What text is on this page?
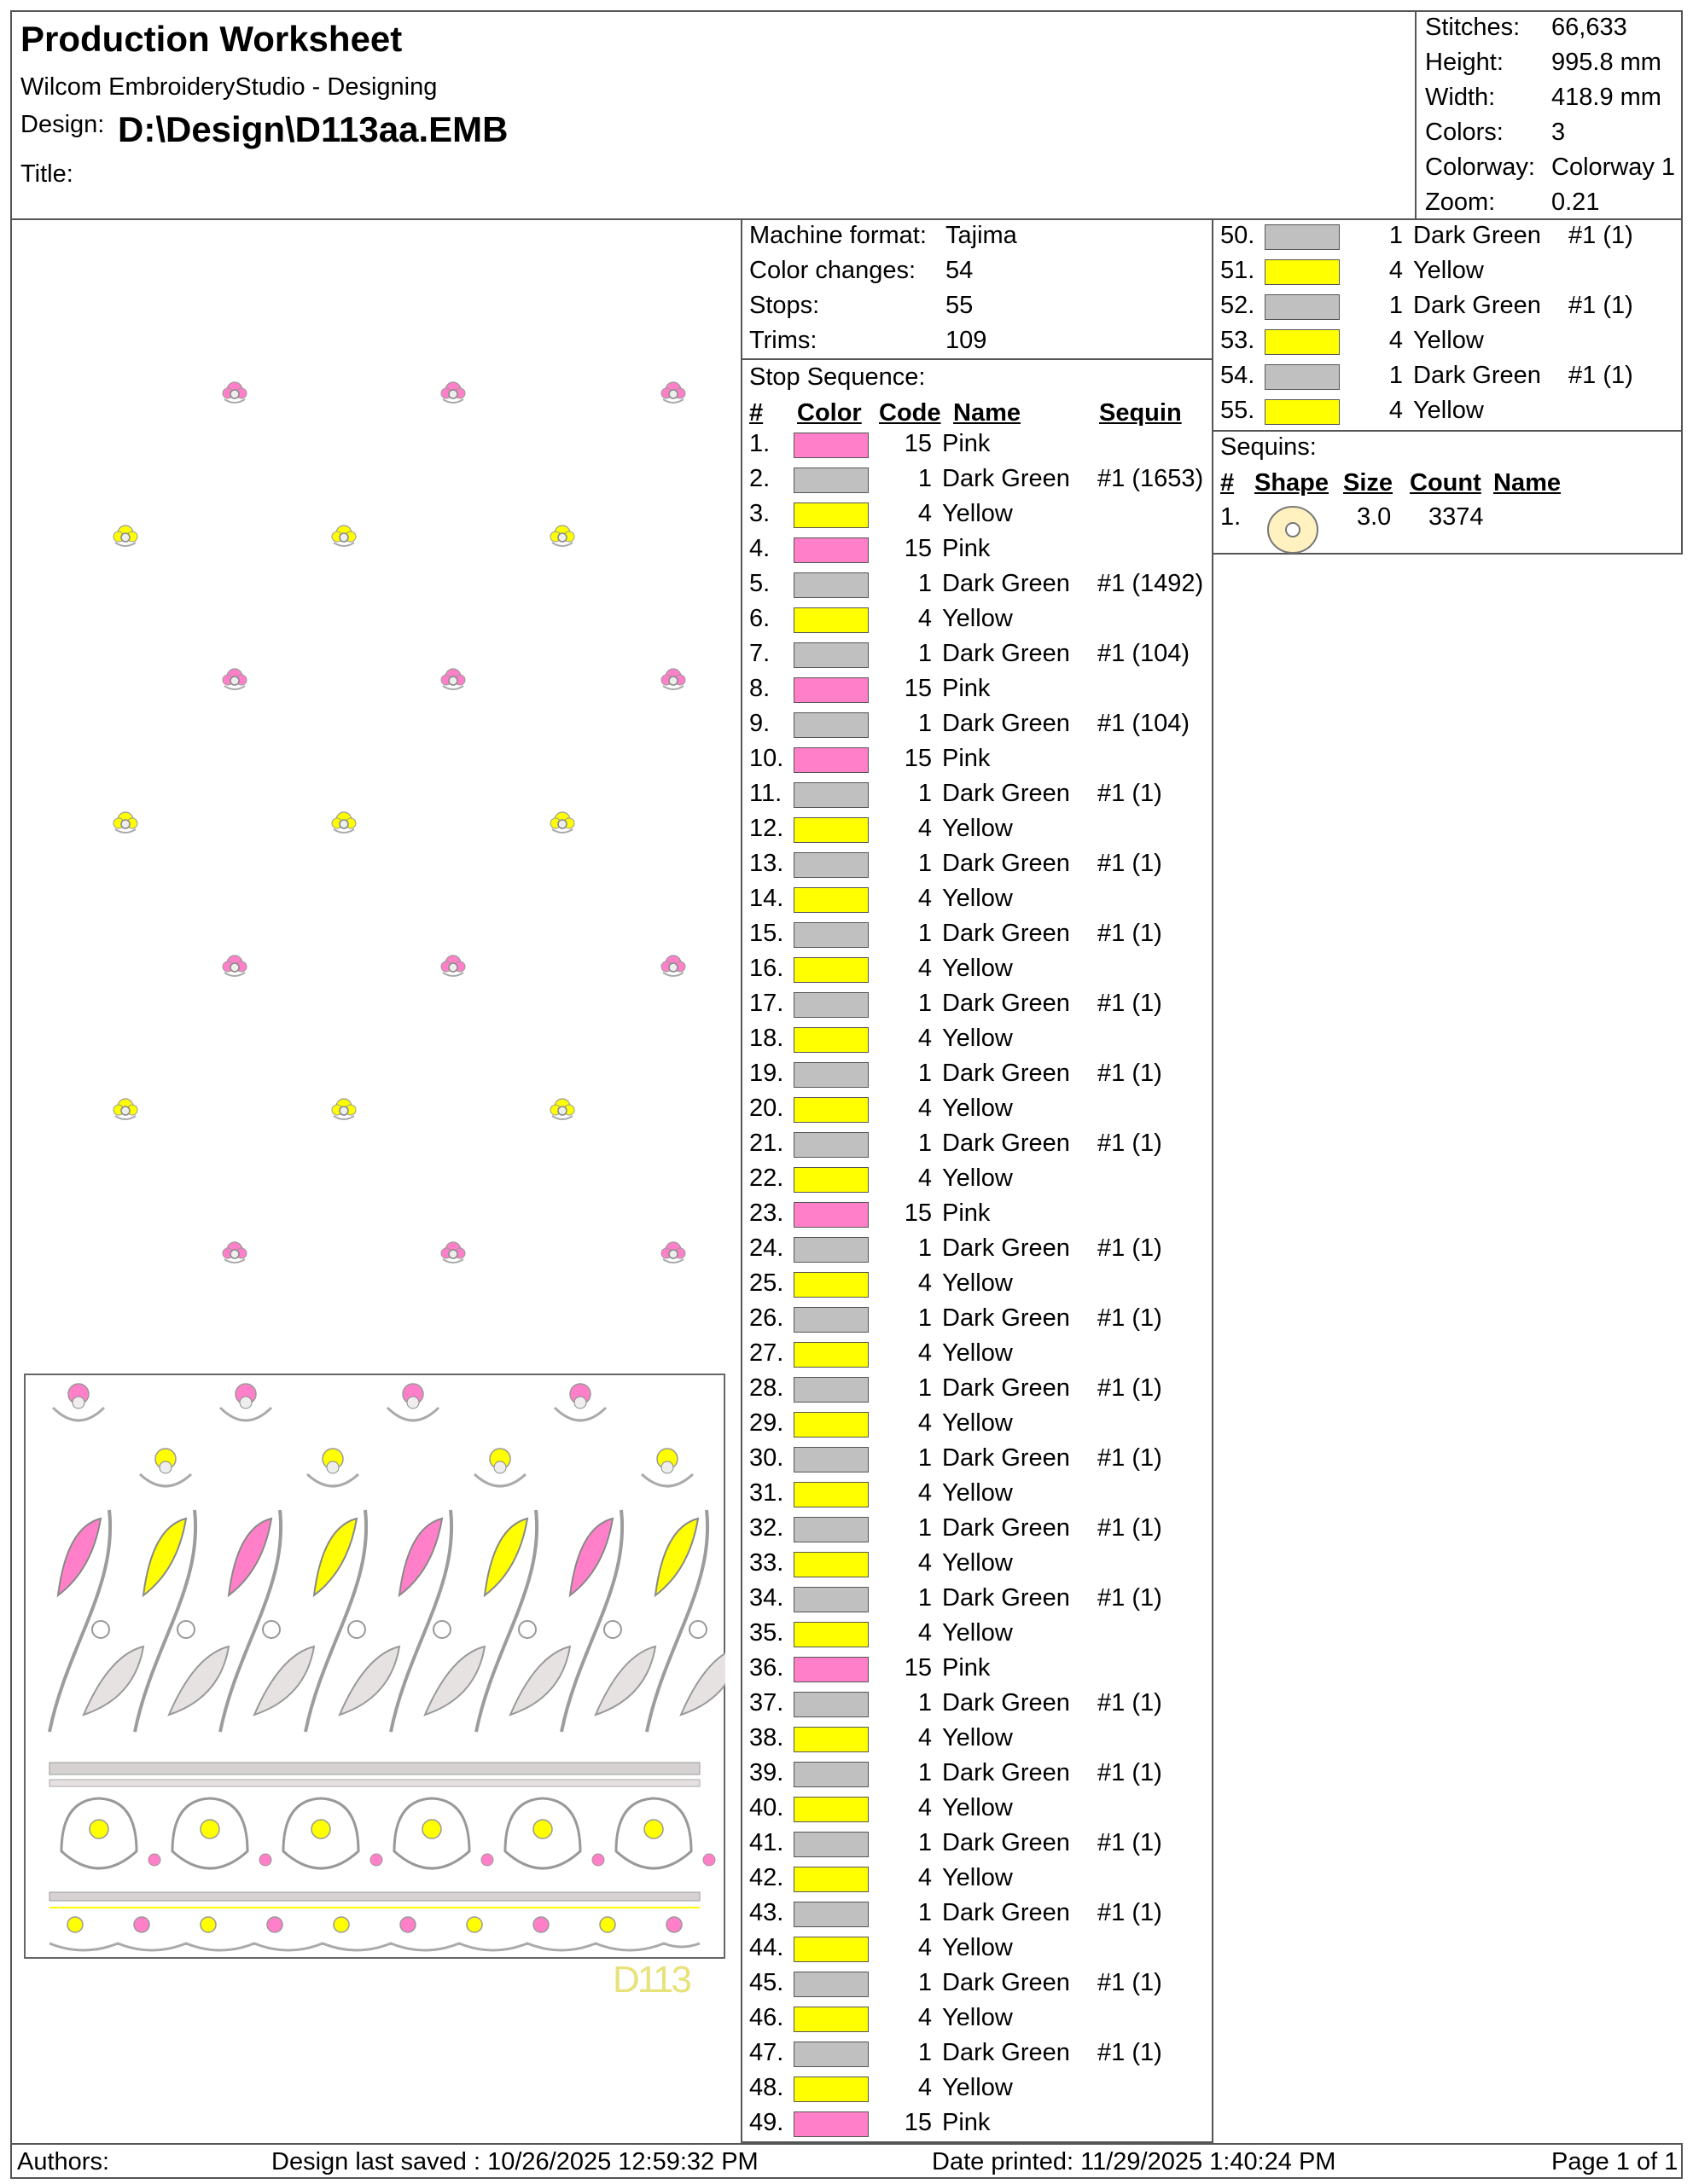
Production Worksheet
Wilcom EmbroideryStudio - Designing
Design: D:\Design\D113aa.EMB
Title:
Stitches: 66,633
Height: 995.8 mm
Width: 418.9 mm
Colors: 3
Colorway: Colorway 1
Zoom: 0.21
D113
Machine format: Tajima
Color changes: 54
Stops:	55
Trims:	109
Stop Sequence:
# Color Code Name	Sequin
1.	15 Pink
2.	1 Dark Green #1 (1653)
3.	4 Yellow
4.	15 Pink
5.	1 Dark Green #1 (1492)
6.	4 Yellow
7.	1 Dark Green #1 (104)
8.	15 Pink
9.	1 Dark Green #1 (104)
10.	15 Pink
11.	1 Dark Green #1 (1)
12.	4 Yellow
13.	1 Dark Green #1 (1)
14.	4 Yellow
15.	1 Dark Green #1 (1)
16.	4 Yellow
17.	1 Dark Green #1 (1)
18.	4 Yellow
19.	1 Dark Green #1 (1)
20.	4 Yellow
21.	1 Dark Green #1 (1)
22.	4 Yellow
23.	15 Pink
24.	1 Dark Green #1 (1)
25.	4 Yellow
26.	1 Dark Green #1 (1)
27.	4 Yellow
28.	1 Dark Green #1 (1)
29.	4 Yellow
30.	1 Dark Green #1 (1)
31.	4 Yellow
32.	1 Dark Green #1 (1)
33.	4 Yellow
34.	1 Dark Green #1 (1)
35.	4 Yellow
36.	15 Pink
37.	1 Dark Green #1 (1)
38.	4 Yellow
39.	1 Dark Green #1 (1)
40.	4 Yellow
41.	1 Dark Green #1 (1)
42.	4 Yellow
43.	1 Dark Green #1 (1)
44.	4 Yellow
45.	1 Dark Green #1 (1)
46.	4 Yellow
47.	1 Dark Green #1 (1)
48.	4 Yellow
49.	15 Pink
50.	1 Dark Green #1 (1)
51.	4 Yellow
52.	1 Dark Green #1 (1)
53.	4 Yellow
54.	1 Dark Green #1 (1)
55.	4 Yellow
Sequins:
# Shape Size Count Name
1.	3.0 3374
Authors:	Design last saved : 10/26/2025 12:59:32 PM	Date printed: 11/29/2025 1:40:24 PM	Page 1 of 1
